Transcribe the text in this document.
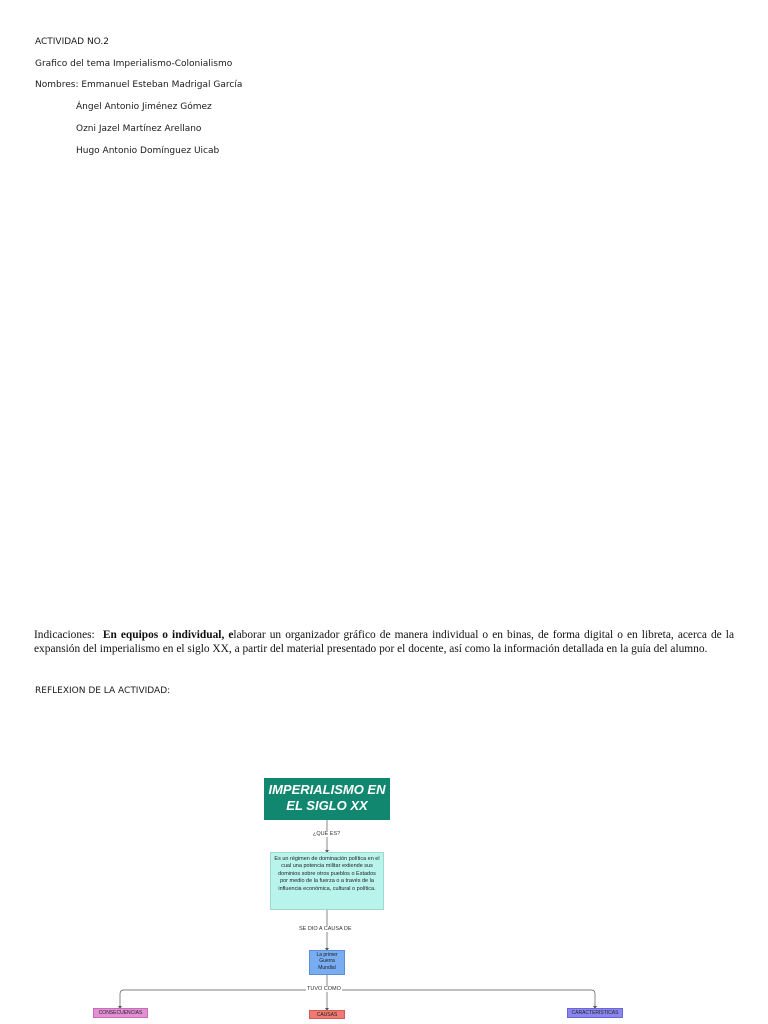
ACTIVIDAD NO.2
Grafico del tema Imperialismo-Colonialismo
Nombres: Emmanuel Esteban Madrigal García
Ángel Antonio Jiménez Gómez
Ozni Jazel Martínez Arellano
Hugo Antonio Domínguez Uicab
Indicaciones: En equipos o individual, elaborar un organizador gráfico de manera individual o en binas, de forma digital o en libreta, acerca de la expansión del imperialismo en el siglo XX, a partir del material presentado por el docente, así como la información detallada en la guía del alumno.
REFLEXION DE LA ACTIVIDAD:
IMPERIALISMO EN EL SIGLO XX
¿QUE ES?
Es un régimen de dominación política en el cual una potencia militar extiende sus dominios sobre otros pueblos o Estados por medio de la fuerza o a través de la influencia económica, cultural o política.
SE DIO A CAUSA DE
La primer Guerra Mundial
TUVO COMO
CONSECUENCIAS	CAUSAS	CARACTERISTICAS
